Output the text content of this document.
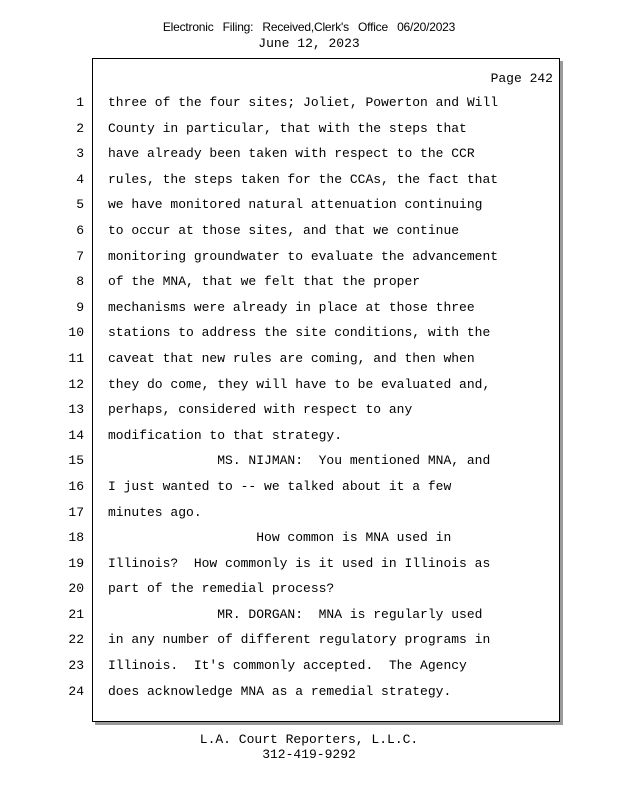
Electronic Filing: Received,Clerk's Office 06/20/2023
June 12, 2023
Page 242
1
2
3
4
5
6
7
8
9
10
11
12
13
14
15
16
17
18
19
20
21
22
23
24
three of the four sites; Joliet, Powerton and Will
County in particular, that with the steps that
have already been taken with respect to the CCR
rules, the steps taken for the CCAs, the fact that
we have monitored natural attenuation continuing
to occur at those sites, and that we continue
monitoring groundwater to evaluate the advancement
of the MNA, that we felt that the proper
mechanisms were already in place at those three
stations to address the site conditions, with the
caveat that new rules are coming, and then when
they do come, they will have to be evaluated and,
perhaps, considered with respect to any
modification to that strategy.
MS. NIJMAN:  You mentioned MNA, and
I just wanted to -- we talked about it a few
minutes ago.
How common is MNA used in
Illinois?  How commonly is it used in Illinois as
part of the remedial process?
MR. DORGAN:  MNA is regularly used
in any number of different regulatory programs in
Illinois.  It's commonly accepted.  The Agency
does acknowledge MNA as a remedial strategy.
L.A. Court Reporters, L.L.C.
312-419-9292
